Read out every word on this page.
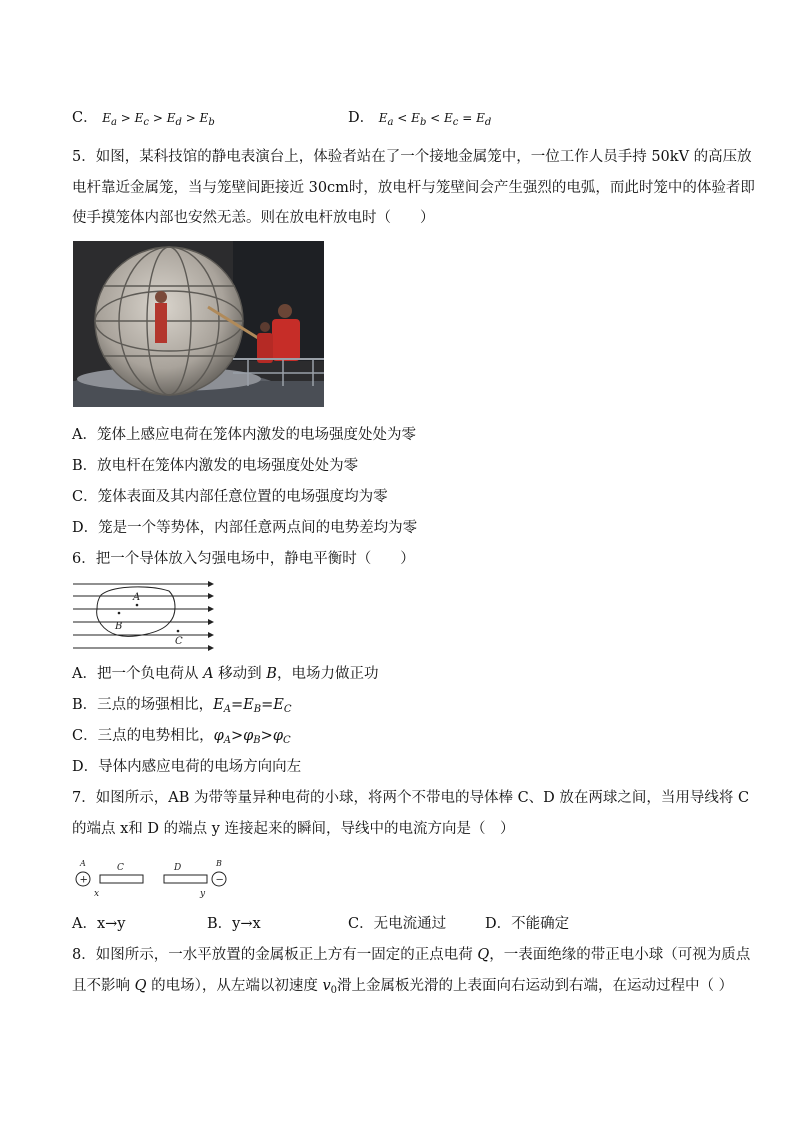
C． $E_a > E_c > E_d > E_b$	D． $E_a < E_b < E_c = E_d$
5．如图，某科技馆的静电表演台上，体验者站在了一个接地金属笼中，一位工作人员手持 50kV 的高压放
电杆靠近金属笼，当与笼壁间距接近 30cm时，放电杆与笼壁间会产生强烈的电弧，而此时笼中的体验者即
使手摸笼体内部也安然无恙。则在放电杆放电时（　　）
A．笼体上感应电荷在笼体内激发的电场强度处处为零
B．放电杆在笼体内激发的电场强度处处为零
C．笼体表面及其内部任意位置的电场强度均为零
D．笼是一个等势体，内部任意两点间的电势差均为零
6．把一个导体放入匀强电场中，静电平衡时（　　）
A
B
C
A．把一个负电荷从 A 移动到 B，电场力做正功
B．三点的场强相比，$E_A=E_B=E_C$
C．三点的电势相比，$\varphi_A>\varphi_B>\varphi_C$
D．导体内感应电荷的电场方向向左
7．如图所示，AB 为带等量异种电荷的小球，将两个不带电的导体棒 C、D 放在两球之间，当用导线将 C
的端点 x和 D 的端点 y 连接起来的瞬间，导线中的电流方向是（　）
+	−
A	C	D	B
x	y
A．x→y	B．y→x	C．无电流通过	D．不能确定
8．如图所示，一水平放置的金属板正上方有一固定的正点电荷 Q，一表面绝缘的带正电小球（可视为质点
且不影响 Q 的电场），从左端以初速度 $v_0$滑上金属板光滑的上表面向右运动到右端，在运动过程中（ ）
